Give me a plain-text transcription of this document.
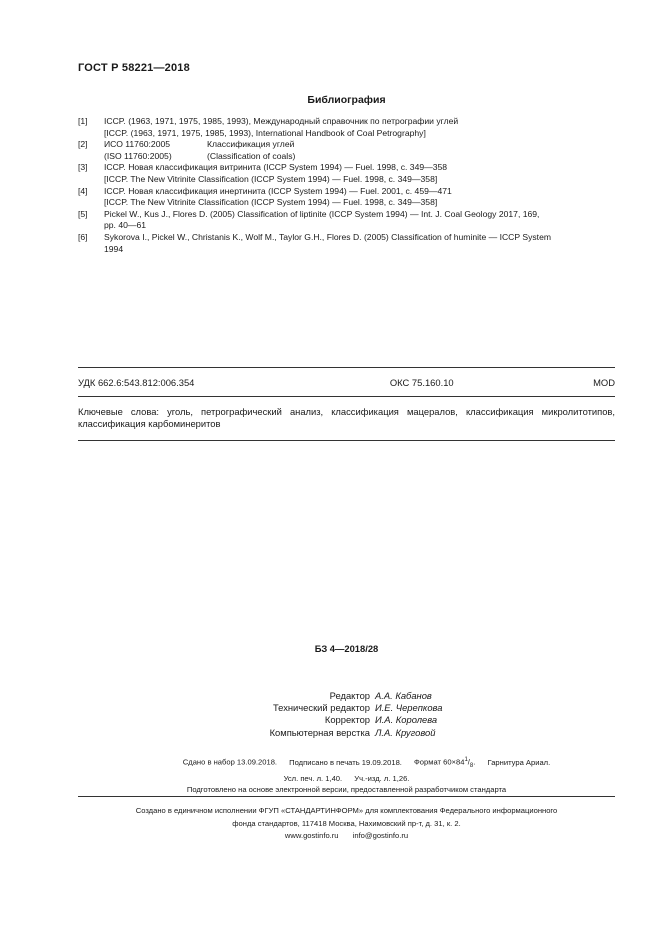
ГОСТ Р 58221—2018
Библиография
[1]	ICCP. (1963, 1971, 1975, 1985, 1993), Международный справочник по петрографии углей
[ICCP. (1963, 1971, 1975, 1985, 1993), International Handbook of Coal Petrography]
[2]	ИСО 11760:2005	Классификация углей
(ISO 11760:2005)	(Classification of coals)
[3]	ICCP. Новая классификация витринита (ICCP System 1994) — Fuel. 1998, с. 349—358
[ICCP. The New Vitrinite Classification (ICCP System 1994) — Fuel. 1998, c. 349—358]
[4]	ICCP. Новая классификация инертинита (ICCP System 1994) — Fuel. 2001, с. 459—471
[ICCP. The New Vitrinite Classification (ICCP System 1994) — Fuel. 1998, c. 349—358]
[5]	Pickel W., Kus J., Flores D. (2005) Classification of liptinite (ICCP System 1994) — Int. J. Coal Geology 2017, 169,
pp. 40—61
[6]	Sykorova I., Pickel W., Christanis K., Wolf M., Taylor G.H., Flores D. (2005) Classification of huminite — ICCP System
1994
УДК 662.6:543.812:006.354	ОКС 75.160.10	MOD
Ключевые слова: уголь, петрографический анализ, классификация мацералов, классификация микролитотипов, классификация карбоминеритов
БЗ 4—2018/28
Редактор А.А. Кабанов
Технический редактор И.Е. Черепкова
Корректор И.А. Королева
Компьютерная верстка Л.А. Круговой
Сдано в набор 13.09.2018. Подписано в печать 19.09.2018. Формат $60\times 84^1/_8$. Гарнитура Ариал.
Усл. печ. л. 1,40. Уч.-изд. л. 1,26.
Подготовлено на основе электронной версии, предоставленной разработчиком стандарта
Создано в единичном исполнении ФГУП «СТАНДАРТИНФОРМ» для комплектования Федерального информационного
фонда стандартов, 117418 Москва, Нахимовский пр-т, д. 31, к. 2.
www.gostinfo.ru info@gostinfo.ru
